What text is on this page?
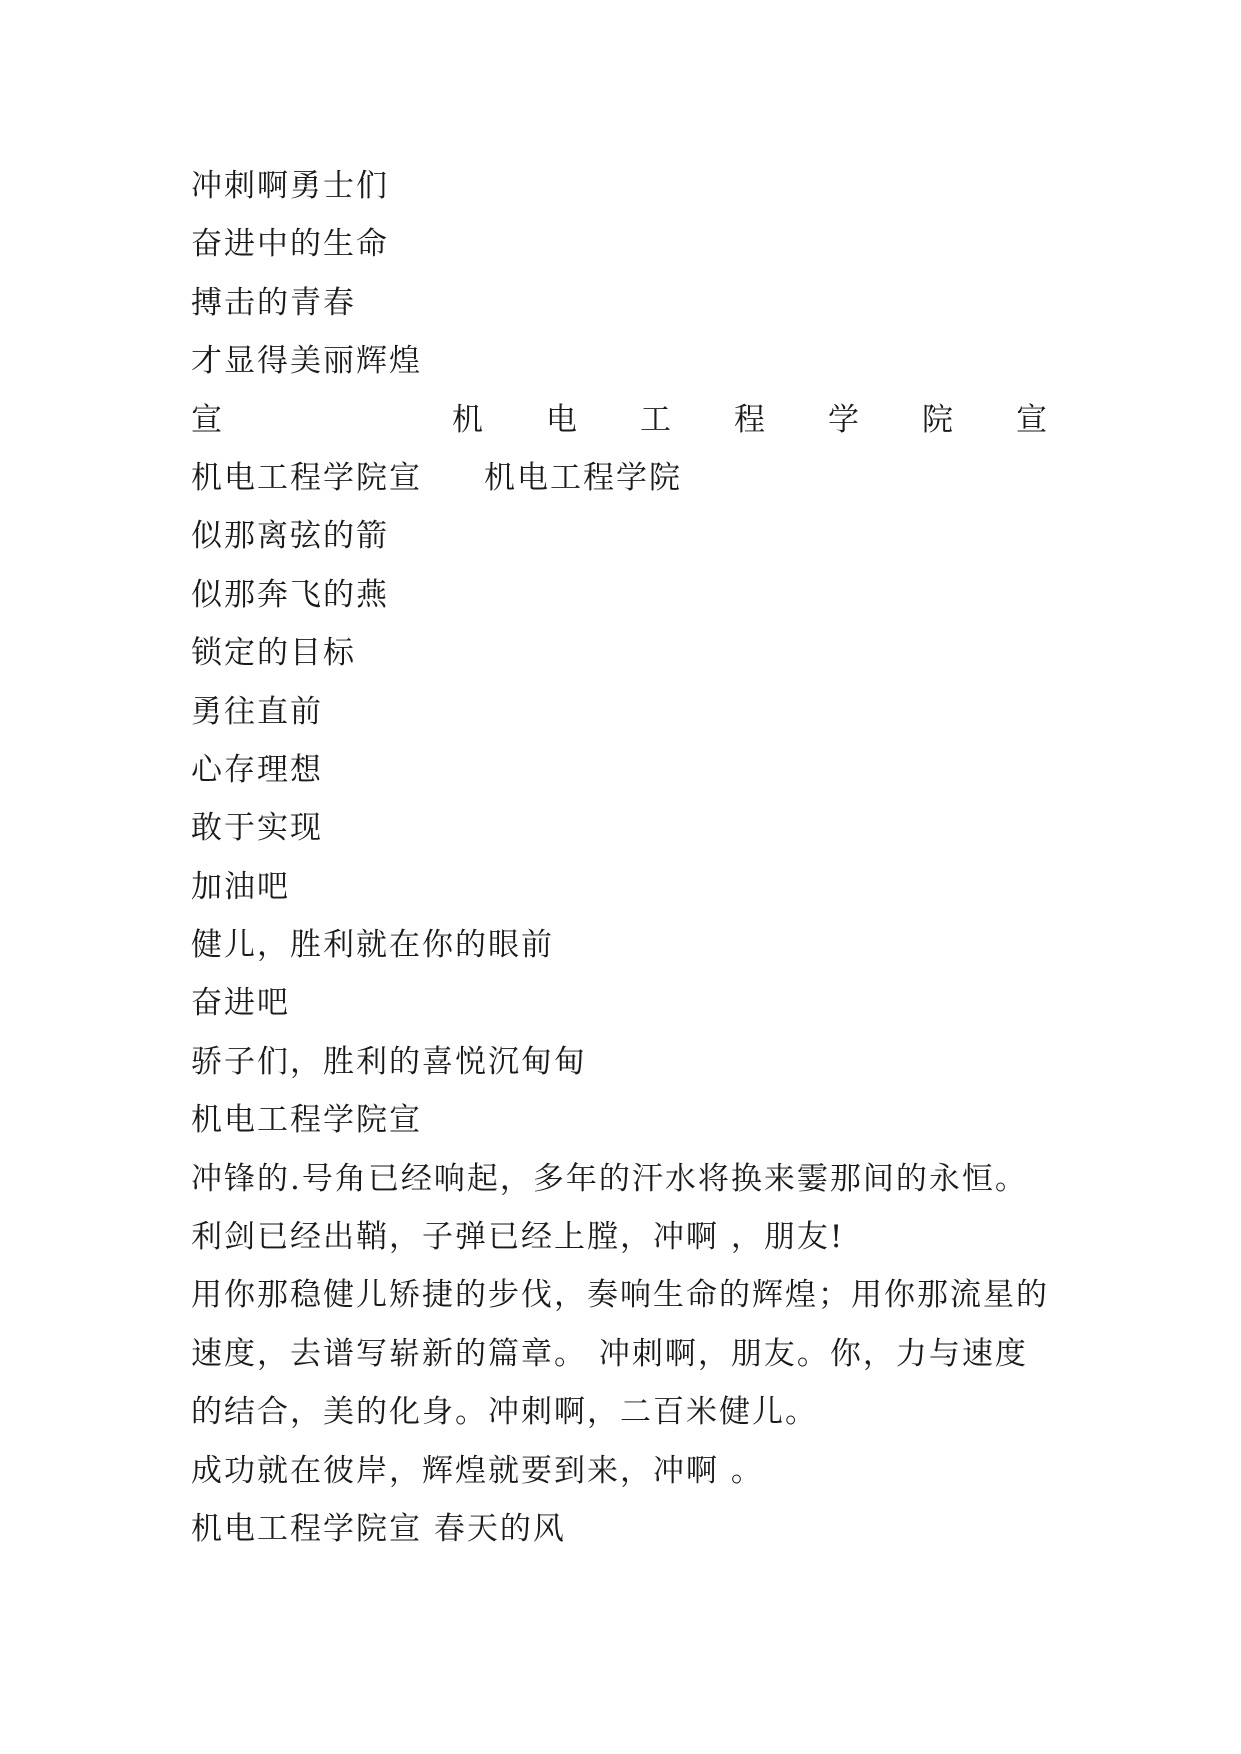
冲刺啊勇士们
奋进中的生命
搏击的青春
才显得美丽辉煌
宣	机 电 工 程 学 院 宣
机电工程学院宣 机电工程学院
似那离弦的箭
似那奔飞的燕
锁定的目标
勇往直前
心存理想
敢于实现
加油吧
健儿，胜利就在你的眼前
奋进吧
骄子们，胜利的喜悦沉甸甸
机电工程学院宣
冲锋的.号角已经响起，多年的汗水将换来霎那间的永恒。
利剑已经出鞘，子弹已经上膛，冲啊 ，朋友!
用你那稳健儿矫捷的步伐，奏响生命的辉煌；用你那流星的
速度，去谱写崭新的篇章。 冲刺啊，朋友。你，力与速度
的结合，美的化身。冲刺啊，二百米健儿。
成功就在彼岸，辉煌就要到来，冲啊 。
机电工程学院宣 春天的风
